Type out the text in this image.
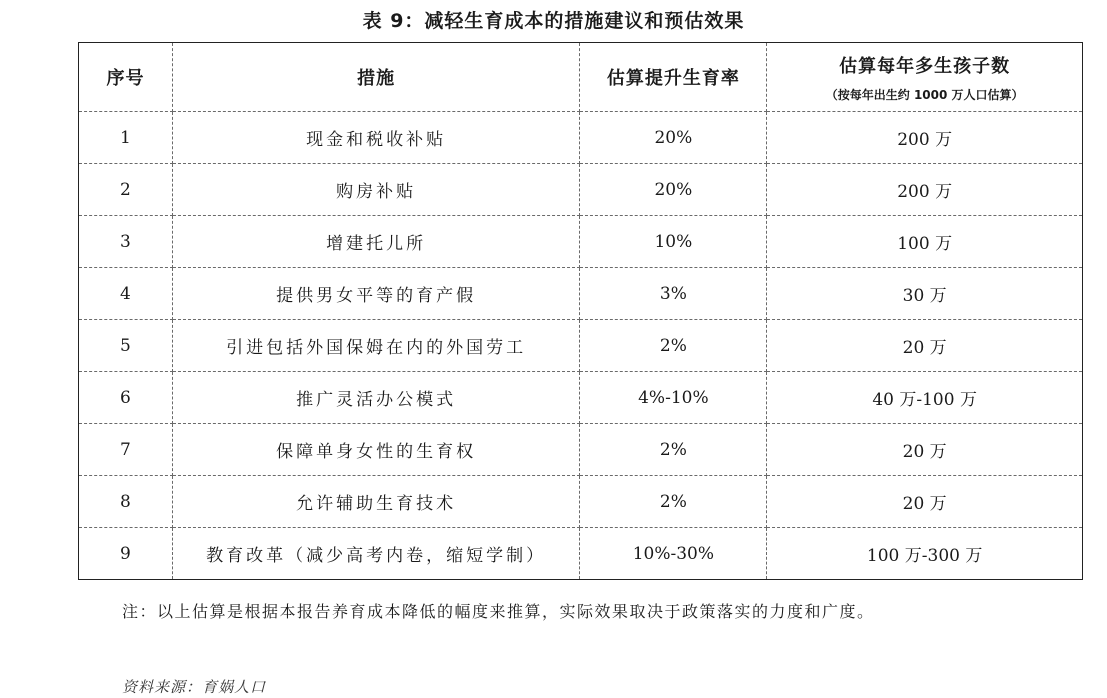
表 9：减轻生育成本的措施建议和预估效果
序号	措施	估算提升生育率	估算每年多生孩子数
（按每年出生约 1000 万人口估算）

1	现金和税收补贴	20%	200 万
2	购房补贴	20%	200 万
3	增建托儿所	10%	100 万
4	提供男女平等的育产假	3%	30 万
5	引进包括外国保姆在内的外国劳工	2%	20 万
6	推广灵活办公模式	4%-10%	40 万-100 万
7	保障单身女性的生育权	2%	20 万
8	允许辅助生育技术	2%	20 万
9	教育改革（减少高考内卷，缩短学制）	10%-30%	100 万-300 万
注：以上估算是根据本报告养育成本降低的幅度来推算，实际效果取决于政策落实的力度和广度。
资料来源：育娲人口
